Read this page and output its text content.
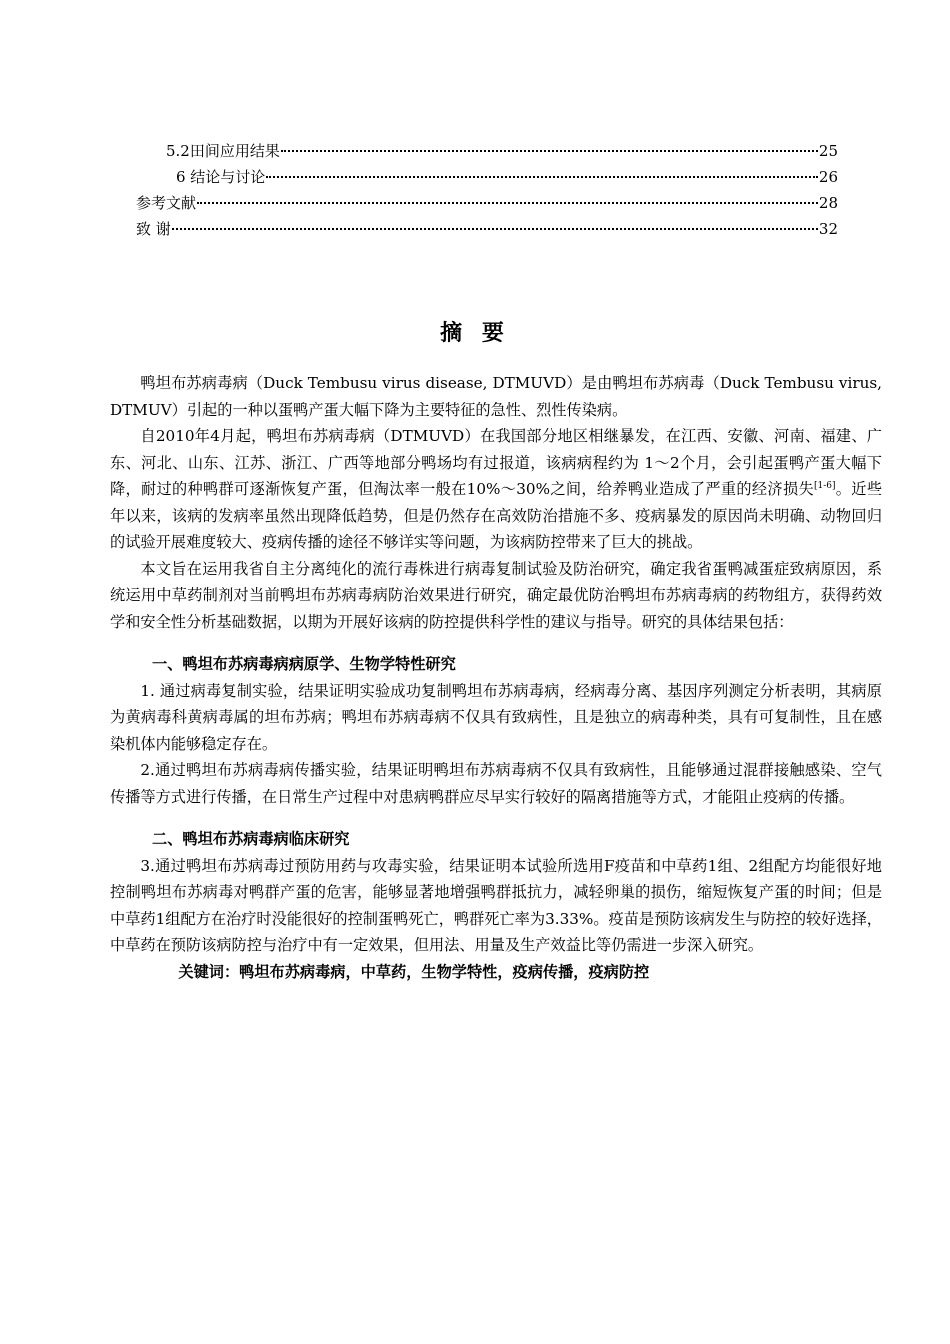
5.2田间应用结果	25
6 结论与讨论	26
参考文献	28
致 谢	32
摘 要

鸭坦布苏病毒病（Duck Tembusu virus disease, DTMUVD）是由鸭坦布苏病毒（Duck Tembusu virus, DTMUV）引起的一种以蛋鸭产蛋大幅下降为主要特征的急性、烈性传染病。

自2010年4月起，鸭坦布苏病毒病（DTMUVD）在我国部分地区相继暴发，在江西、安徽、河南、福建、广东、河北、山东、江苏、浙江、广西等地部分鸭场均有过报道，该病病程约为 1～2个月，会引起蛋鸭产蛋大幅下降，耐过的种鸭群可逐渐恢复产蛋，但淘汰率一般在10%～30%之间，给养鸭业造成了严重的经济损失[1-6]。近些年以来，该病的发病率虽然出现降低趋势，但是仍然存在高效防治措施不多、疫病暴发的原因尚未明确、动物回归的试验开展难度较大、疫病传播的途径不够详实等问题，为该病防控带来了巨大的挑战。

本文旨在运用我省自主分离纯化的流行毒株进行病毒复制试验及防治研究，确定我省蛋鸭减蛋症致病原因，系统运用中草药制剂对当前鸭坦布苏病毒病防治效果进行研究，确定最优防治鸭坦布苏病毒病的药物组方，获得药效学和安全性分析基础数据，以期为开展好该病的防控提供科学性的建议与指导。研究的具体结果包括：

一、鸭坦布苏病毒病病原学、生物学特性研究

1. 通过病毒复制实验，结果证明实验成功复制鸭坦布苏病毒病，经病毒分离、基因序列测定分析表明，其病原为黄病毒科黄病毒属的坦布苏病；鸭坦布苏病毒病不仅具有致病性，且是独立的病毒种类，具有可复制性，且在感染机体内能够稳定存在。

2.通过鸭坦布苏病毒病传播实验，结果证明鸭坦布苏病毒病不仅具有致病性，且能够通过混群接触感染、空气传播等方式进行传播，在日常生产过程中对患病鸭群应尽早实行较好的隔离措施等方式，才能阻止疫病的传播。

二、鸭坦布苏病毒病临床研究

3.通过鸭坦布苏病毒过预防用药与攻毒实验，结果证明本试验所选用F疫苗和中草药1组、2组配方均能很好地控制鸭坦布苏病毒对鸭群产蛋的危害，能够显著地增强鸭群抵抗力，减轻卵巢的损伤，缩短恢复产蛋的时间；但是中草药1组配方在治疗时没能很好的控制蛋鸭死亡，鸭群死亡率为3.33%。疫苗是预防该病发生与防控的较好选择，中草药在预防该病防控与治疗中有一定效果，但用法、用量及生产效益比等仍需进一步深入研究。

关键词：鸭坦布苏病毒病，中草药，生物学特性，疫病传播，疫病防控
